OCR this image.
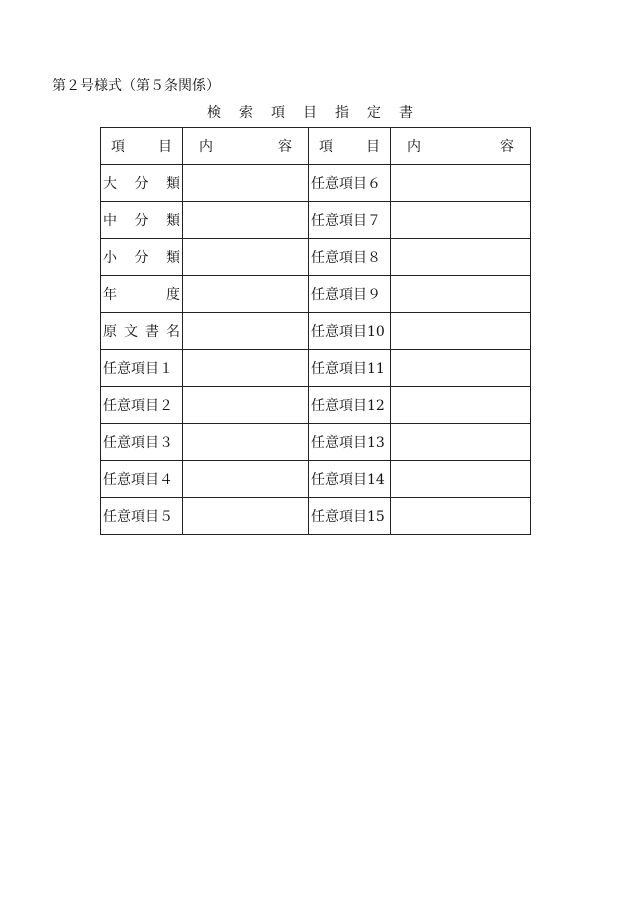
第２号様式（第５条関係）
検索項目指定書
項 目	内 容	項 目	内 容

大 分 類		任意項目６	

中 分 類		任意項目７	

小 分 類		任意項目８	

年 度		任意項目９	

原 文 書 名		任意項目10	
任意項目１		任意項目11	
任意項目２		任意項目12	
任意項目３		任意項目13	
任意項目４		任意項目14	
任意項目５		任意項目15	
